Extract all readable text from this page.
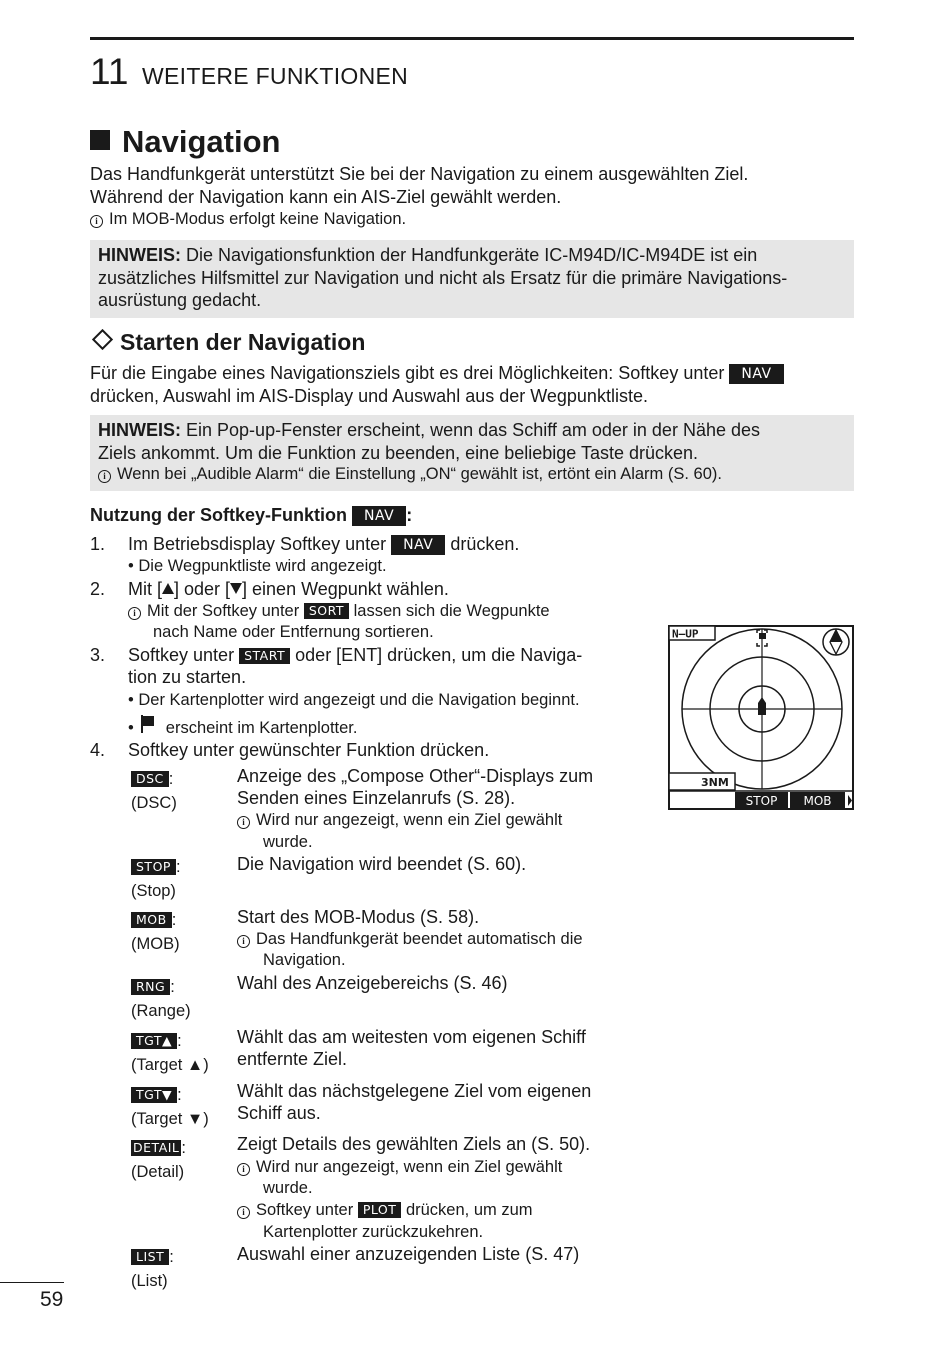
11 WEITERE FUNKTIONEN
Navigation
Das Handfunkgerät unterstützt Sie bei der Navigation zu einem ausgewählten Ziel.
Während der Navigation kann ein AIS-Ziel gewählt werden.
i Im MOB-Modus erfolgt keine Navigation.
HINWEIS: Die Navigationsfunktion der Handfunkgeräte IC-M94D/IC-M94DE ist ein
zusätzliches Hilfsmittel zur Navigation und nicht als Ersatz für die primäre Navigations-
ausrüstung gedacht.
Starten der Navigation
Für die Eingabe eines Navigationsziels gibt es drei Möglichkeiten: Softkey unter NAV
drücken, Auswahl im AIS-Display und Auswahl aus der Wegpunktliste.
HINWEIS: Ein Pop-up-Fenster erscheint, wenn das Schiff am oder in der Nähe des
Ziels ankommt. Um die Funktion zu beenden, eine beliebige Taste drücken.
i Wenn bei „Audible Alarm“ die Einstellung „ON“ gewählt ist, ertönt ein Alarm (S. 60).
Nutzung der Softkey-Funktion NAV :
1. Im Betriebsdisplay Softkey unter NAV drücken.
• Die Wegpunktliste wird angezeigt.
2. Mit [ ] oder [ ] einen Wegpunkt wählen.
i Mit der Softkey unter SORT lassen sich die Wegpunkte
nach Name oder Entfernung sortieren.
3. Softkey unter START oder [ENT] drücken, um die Naviga-
tion zu starten.
• Der Kartenplotter wird angezeigt und die Navigation beginnt.
• erscheint im Kartenplotter.
4. Softkey unter gewünschter Funktion drücken.
DSC :
(DSC)
Anzeige des „Compose Other“-Displays zum
Senden eines Einzelanrufs (S. 28).
i Wird nur angezeigt, wenn ein Ziel gewählt
wurde.
STOP :
(Stop)
Die Navigation wird beendet (S. 60).
MOB :
(MOB)
Start des MOB-Modus (S. 58).
i Das Handfunkgerät beendet automatisch die
Navigation.
RNG :
(Range)
Wahl des Anzeigebereichs (S. 46)
TGT▲ :
(Target ▲)
Wählt das am weitesten vom eigenen Schiff
entfernte Ziel.
TGT▼ :
(Target ▼)
Wählt das nächstgelegene Ziel vom eigenen
Schiff aus.
DETAIL :
(Detail)
Zeigt Details des gewählten Ziels an (S. 50).
i Wird nur angezeigt, wenn ein Ziel gewählt
wurde.
i Softkey unter PLOT drücken, um zum
Kartenplotter zurückzukehren.
LIST :
(List)
Auswahl einer anzuzeigenden Liste (S. 47)
N–UP
3NM
STOP MOB
59
